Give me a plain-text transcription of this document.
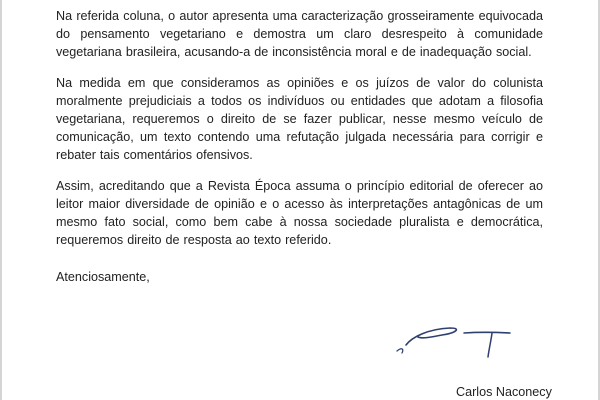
Na referida coluna, o autor apresenta uma caracterização grosseiramente equivocada do pensamento vegetariano e demostra um claro desrespeito à comunidade vegetariana brasileira, acusando-a de inconsistência moral e de inadequação social.

Na medida em que consideramos as opiniões e os juízos de valor do colunista moralmente prejudiciais a todos os indivíduos ou entidades que adotam a filosofia vegetariana, requeremos o direito de se fazer publicar, nesse mesmo veículo de comunicação, um texto contendo uma refutação julgada necessária para corrigir e rebater tais comentários ofensivos.

Assim, acreditando que a Revista Época assuma o princípio editorial de oferecer ao leitor maior diversidade de opinião e o acesso às interpretações antagônicas de um mesmo fato social, como bem cabe à nossa sociedade pluralista e democrática, requeremos direito de resposta ao texto referido.

Atenciosamente,

Carlos Naconecy
